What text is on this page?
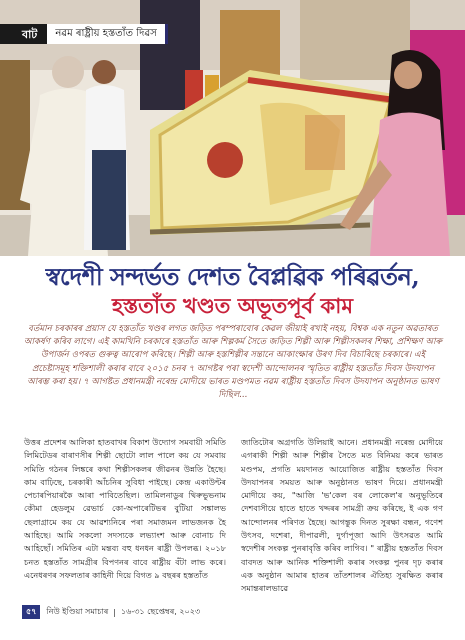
বাট	নৱম ৰাষ্ট্ৰীয় হস্ততাঁত দিৱস
স্বদেশী সন্দৰ্ভত দেশত বৈপ্লৱিক পৰিৱৰ্তন,
হস্ততাঁত খণ্ডত অভূতপূৰ্ব কাম
বৰ্তমান চৰকাৰৰ প্ৰয়াস যে হস্ততাঁত খণ্ডৰ লগত জড়িত পৰম্পৰাবোৰ কেৱল জীয়াই ৰখাই নহয়, বিশ্বক এক নতুন অৱতাৰত আকৰ্ষণ কৰিব লাগে। এই কামখিনি চৰকাৰে হস্ততাঁত আৰু শিল্পকৰ্ম সৈতে জড়িত শিল্পী আৰু শিল্পীসকলৰ শিক্ষা, প্ৰশিক্ষণ আৰু উপাৰ্জন ওপৰত গুৰুত্ব আৰোপ কৰিছে। শিল্পী আৰু হস্তশিল্পীৰ সন্তানে আকাংক্ষাৰ উৰণ দিব বিচাৰিছে চৰকাৰে। এই প্ৰচেষ্টাসমূহ শক্তিশালী কৰাৰ বাবে ২০১৫ চনৰ ৭ আগষ্টৰ পৰা স্বদেশী আন্দোলনৰ স্মৃতিত ৰাষ্ট্ৰীয় হস্ততাঁত দিবস উদযাপন আৰম্ভ কৰা হয়। ৭ আগষ্টত প্ৰধানমন্ত্ৰী নৰেন্দ্ৰ মোদীয়ে ভাৰত মণ্ডপমত নৱম ৰাষ্ট্ৰীয় হস্ততাঁত দিবস উদযাপন অনুষ্ঠানত ভাষণ দিছিল...
উত্তৰ প্ৰদেশৰ আলিকা হাতবাখৰ বিকাশ উদ্যোগ সমবায়ী সমিতি লিমিটেডৰ বাৰাণসীৰ শিল্পী ছোটো লাল পালে কয় যে সমবায় সমিতি গঠনৰ লিঙ্কৰে কথা শিল্পীসকলৰ জীৱনৰ উন্নতি হৈছে। কাম বাঢ়িছে, চৰকাৰী আঁচনিৰ সুবিধা পাইছে। কেন্দ্ৰ একাউন্টৰ পেচাৰপিয়াৰকৈ আৰা পাবিতেছিল। তামিলনাডুৰ থিৰুভুভনাম কৌমা হেডলুম ৱেভাৰ্চ কো-অপাৰেটিভৰ বুটিয়া সঙ্কালভ ছেলাগ্ৰামে কয় যে আৱশ্যনিৰে পৰা সমাজমন লাভজনক হৈ আহিছে। আমি সকলো সদস্যকে লভ্যাংশ আৰু বোনাচ দি আহিছোঁ। সমিতিৰ এটা মন্তব্য বহু ধনধন ৰাষ্ট্ৰী উপলব্ধ। ২০১৮ চনত হস্ততাঁত সামগ্ৰীৰ বিপণনৰ বাবে ৰাষ্ট্ৰীয় বঁটা লাভ কৰে। এনেধৰণৰ সফলতাৰ কাহিনী দিয়ে বিগত ৯ বছৰৰ হস্ততাঁত
জাতিটোৰ অগ্ৰগতি উলিয়াই আনে। প্ৰধানমন্ত্ৰী নৰেন্দ্ৰ মোদীয়ে এগৰাকী শিল্পী আৰু শিল্পীৰ সৈতে মত বিনিময় কৰে ভাৰত মণ্ডপম, প্ৰগতি ময়দানত আয়োজিত ৰাষ্ট্ৰীয় হস্ততাঁত দিবস উদযাপনৰ সময়ত আৰু অনুষ্ঠানত ভাষণ দিয়ে। প্ৰধানমন্ত্ৰী মোদীয়ে কয়, "আজি 'ভ'কেল বৰ লোকেল'ৰ অনুভূতিৰে দেশবাসীয়ে হাতে হাতে খদ্দৰৰ সামগ্ৰী ক্ৰয় কৰিছে, ই এক গণ আন্দোলনৰ পৰিণত হৈছে। আগন্তুক দিনত সুৰক্ষা বন্ধন, গণেশ উৎসব, দশেৰা, দীপাৱলী, দুৰ্গাপূজা আদি উৎসৱত আমি স্বদেশীৰ সংকল্প পুনৰাবৃত্তি কৰিব লাগিব। " ৰাষ্ট্ৰীয় হস্ততাঁত দিবস বাবদত আৰু আনিক শক্তিশালী কৰাৰ সংকল্প পুনৰ দৃঢ় কৰাৰ এক অনুষ্ঠান আমাৰ হাতৰ তাঁতশালৰ ঐতিহ্য সুৰক্ষিত কৰাৰ সমান্তৰালভাৱে
৫৭	নিউ ইণ্ডিয়া সমাচাৰ | ১৬-৩১ ছেপ্তেম্বৰ, ২০২৩
